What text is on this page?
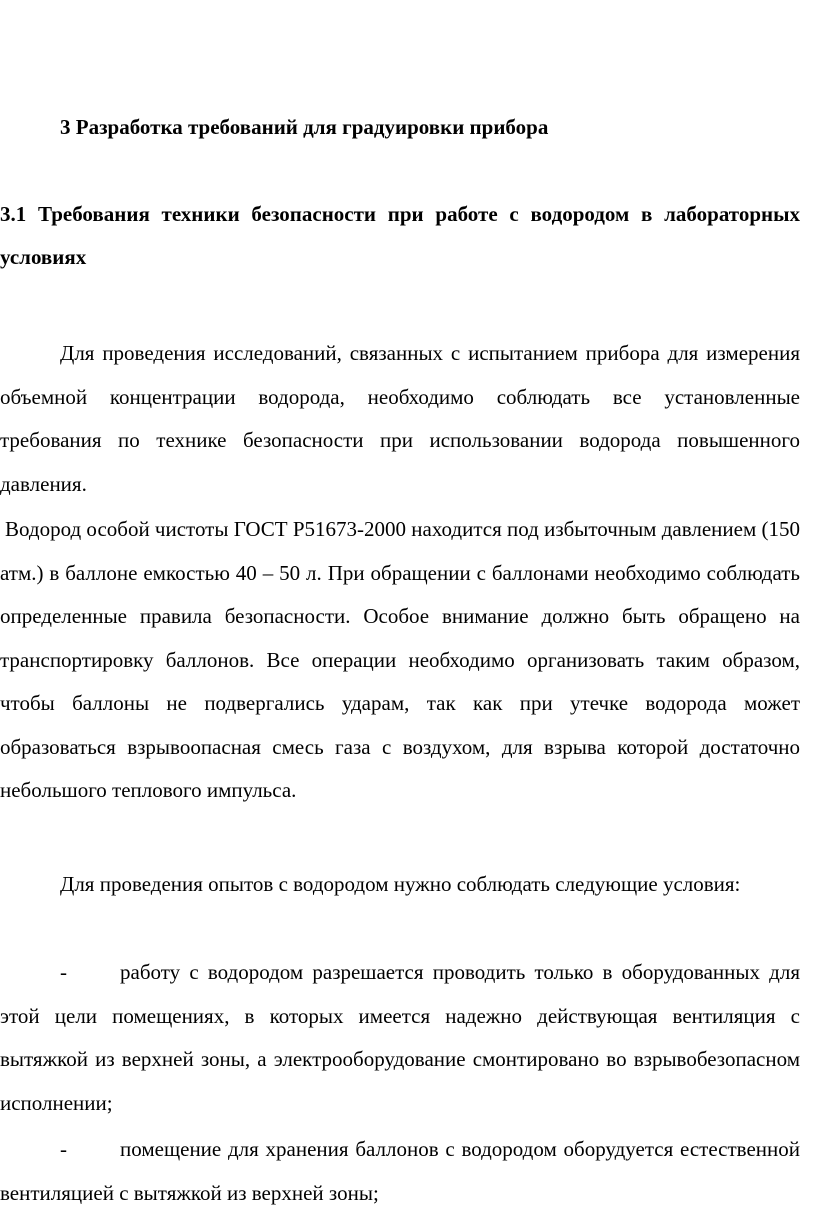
3 Разработка требований для градуировки прибора
3.1 Требования техники безопасности при работе с водородом в лабораторных условиях

Для проведения исследований, связанных с испытанием прибора для измерения объемной концентрации водорода, необходимо соблюдать все установленные требования по технике безопасности при использовании водорода повышенного давления.

Водород особой чистоты ГОСТ Р51673-2000 находится под избыточным давлением (150 атм.) в баллоне емкостью 40 – 50 л. При обращении с баллонами необходимо соблюдать определенные правила безопасности. Особое внимание должно быть обращено на транспортировку баллонов. Все операции необходимо организовать таким образом, чтобы баллоны не подвергались ударам, так как при утечке водорода может образоваться взрывоопасная смесь газа с воздухом, для взрыва которой достаточно небольшого теплового импульса.

Для проведения опытов с водородом нужно соблюдать следующие условия:

-	работу с водородом разрешается проводить только в оборудованных для этой цели помещениях, в которых имеется надежно действующая вентиляция с вытяжкой из верхней зоны, а электрооборудование смонтировано во взрывобезопасном исполнении;

-	помещение для хранения баллонов с водородом оборудуется естественной вентиляцией с вытяжкой из верхней зоны;
